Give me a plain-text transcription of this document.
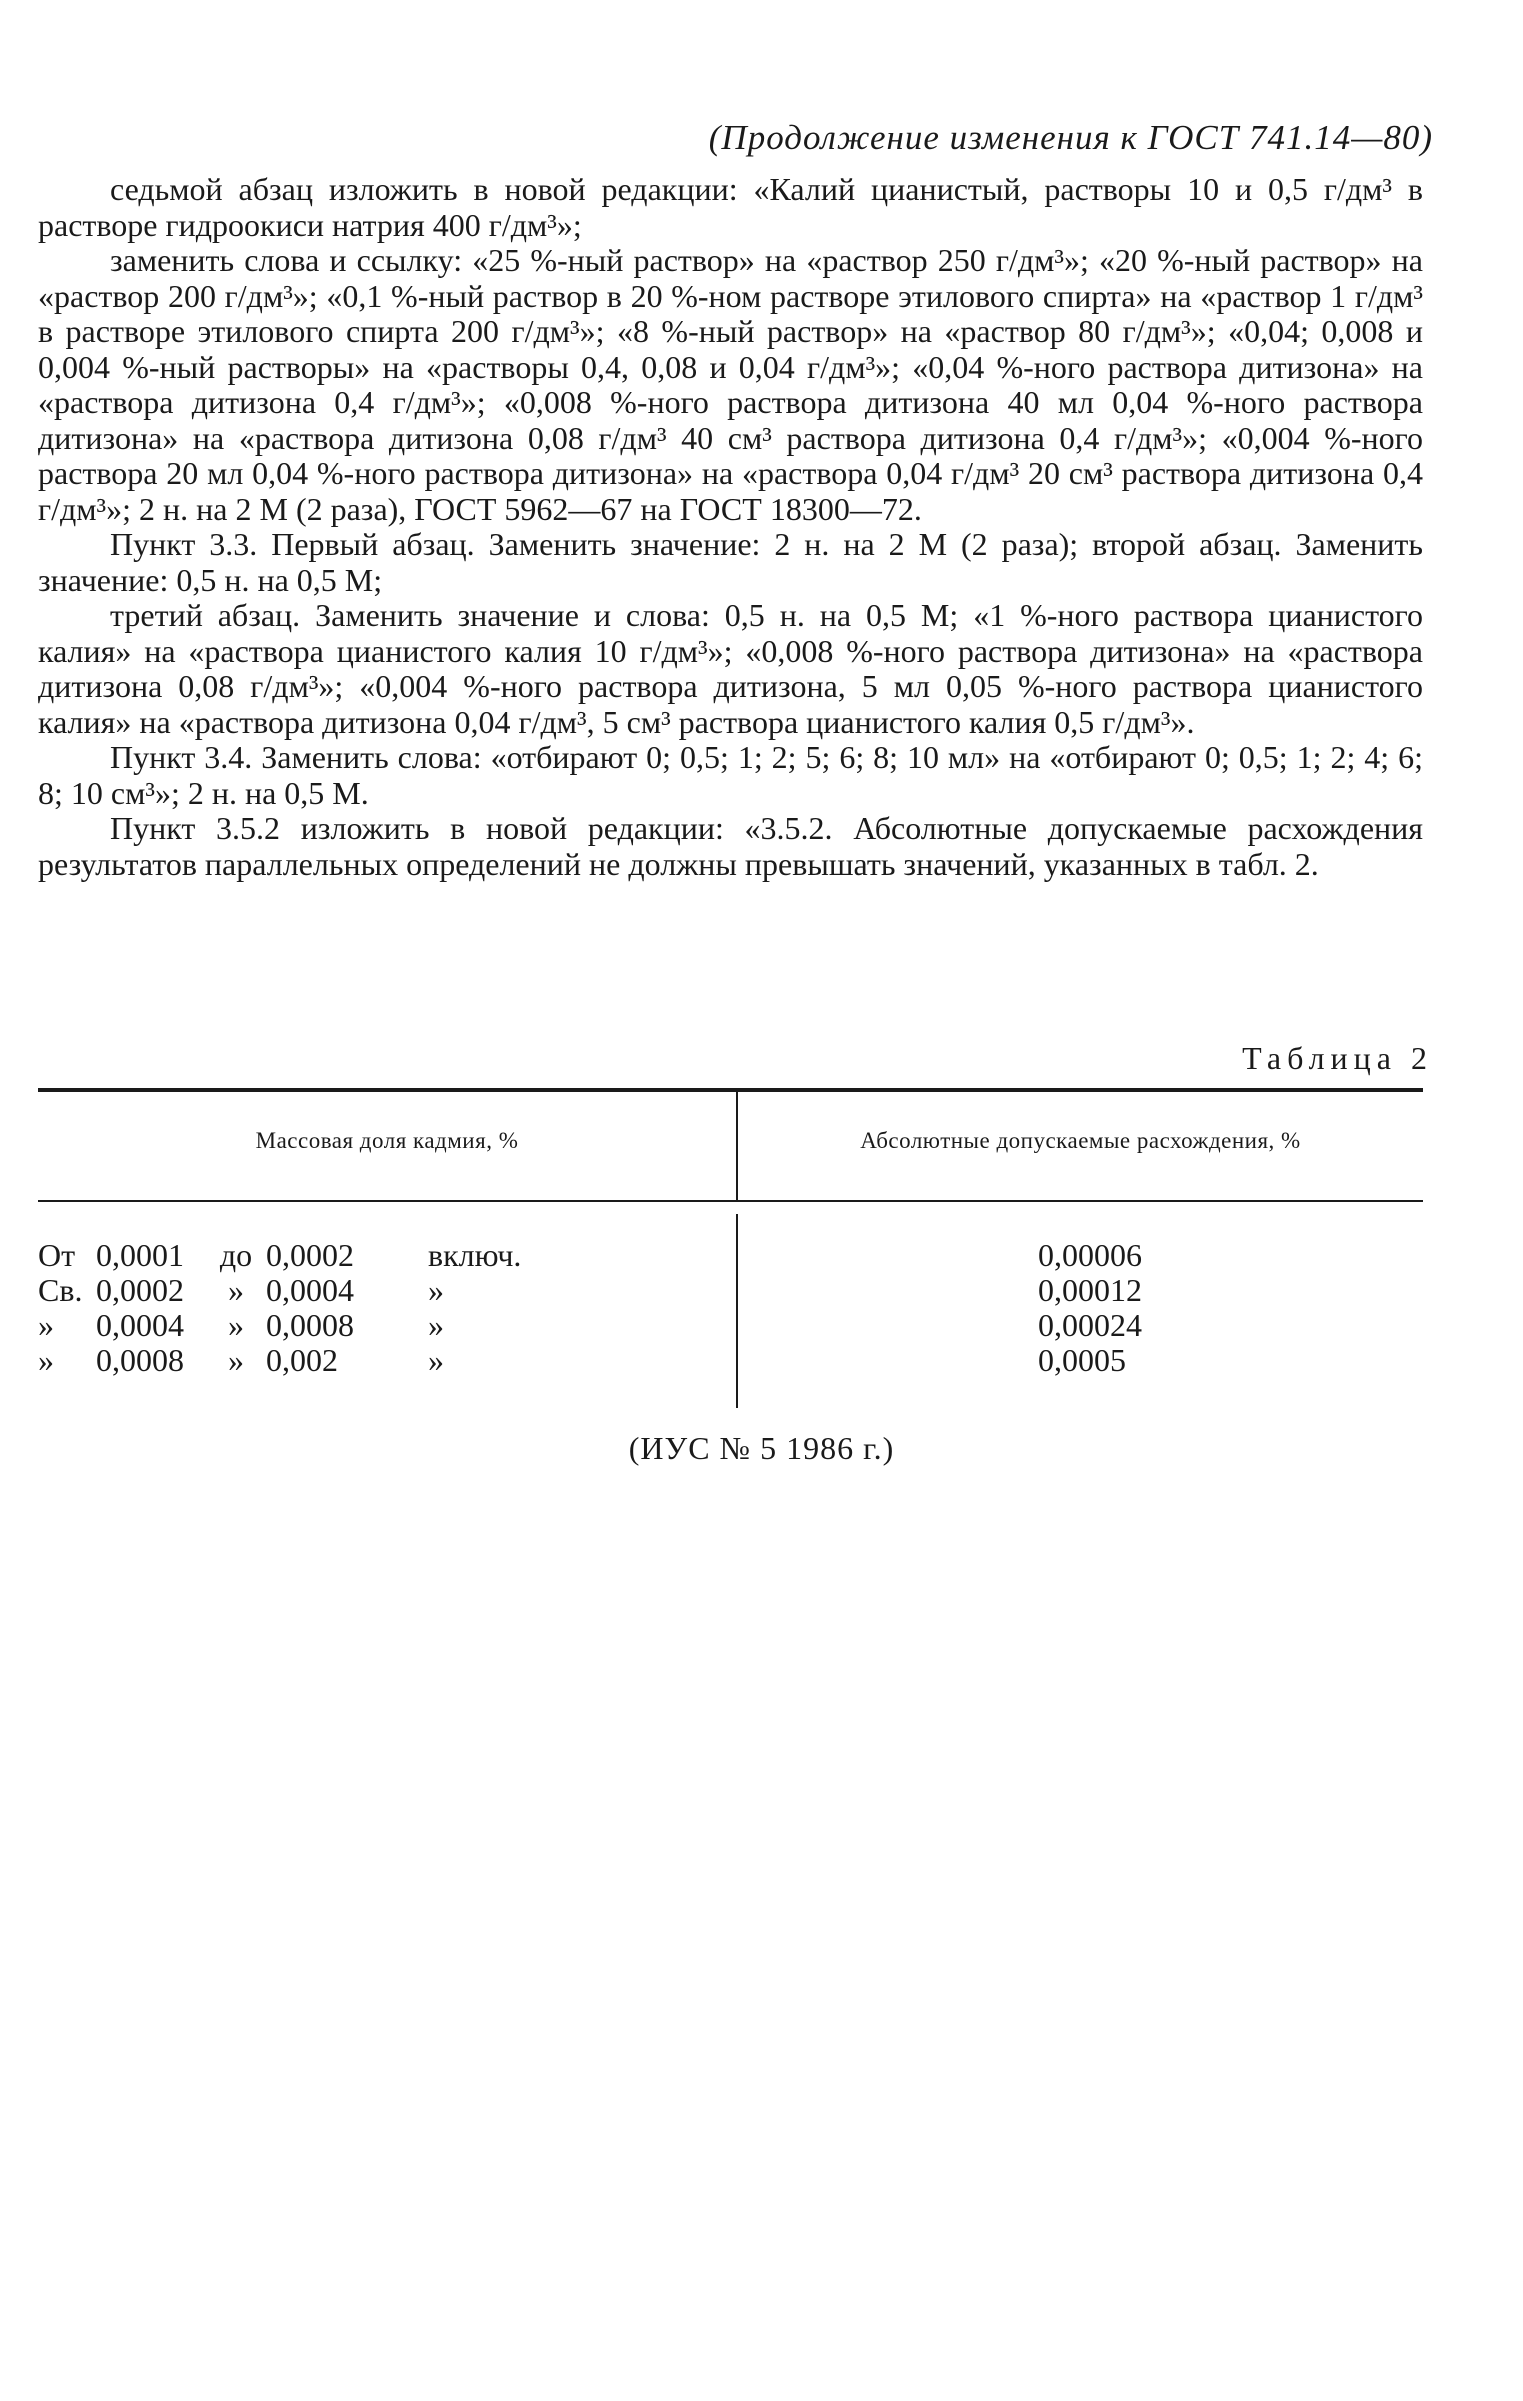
(Продолжение изменения к ГОСТ 741.14—80)

седьмой абзац изложить в новой редакции: «Калий цианистый, растворы 10 и 0,5 г/дм³ в растворе гидроокиси натрия 400 г/дм³»;

заменить слова и ссылку: «25 %-ный раствор» на «раствор 250 г/дм³»; «20 %-ный раствор» на «раствор 200 г/дм³»; «0,1 %-ный раствор в 20 %-ном растворе этилового спирта» на «раствор 1 г/дм³ в растворе этилового спирта 200 г/дм³»; «8 %-ный раствор» на «раствор 80 г/дм³»; «0,04; 0,008 и 0,004 %-ный растворы» на «растворы 0,4, 0,08 и 0,04 г/дм³»; «0,04 %-ного раствора дитизона» на «раствора дитизона 0,4 г/дм³»; «0,008 %-ного раствора дитизона 40 мл 0,04 %-ного раствора дитизона» на «раствора дитизона 0,08 г/дм³ 40 см³ раствора дитизона 0,4 г/дм³»; «0,004 %-ного раствора 20 мл 0,04 %-ного раствора дитизона» на «раствора 0,04 г/дм³ 20 см³ раствора дитизона 0,4 г/дм³»; 2 н. на 2 М (2 раза), ГОСТ 5962—67 на ГОСТ 18300—72.

Пункт 3.3. Первый абзац. Заменить значение: 2 н. на 2 М (2 раза); второй абзац. Заменить значение: 0,5 н. на 0,5 М;

третий абзац. Заменить значение и слова: 0,5 н. на 0,5 М; «1 %-ного раствора цианистого калия» на «раствора цианистого калия 10 г/дм³»; «0,008 %-ного раствора дитизона» на «раствора дитизона 0,08 г/дм³»; «0,004 %-ного раствора дитизона, 5 мл 0,05 %-ного раствора цианистого калия» на «раствора дитизона 0,04 г/дм³, 5 см³ раствора цианистого калия 0,5 г/дм³».

Пункт 3.4. Заменить слова: «отбирают 0; 0,5; 1; 2; 5; 6; 8; 10 мл» на «отбирают 0; 0,5; 1; 2; 4; 6; 8; 10 см³»; 2 н. на 0,5 М.

Пункт 3.5.2 изложить в новой редакции: «3.5.2. Абсолютные допускаемые расхождения результатов параллельных определений не должны превышать значений, указанных в табл. 2.

Таблица 2
Массовая доля кадмия, %	Абсолютные допускаемые расхождения, %
От 0,0001	до 0,0002	включ.	0,00006
Св. 0,0002	» 0,0004	»	0,00012
»	0,0004	» 0,0008	»	0,00024
»	0,0008	» 0,002	»	0,0005
(ИУС № 5 1986 г.)
